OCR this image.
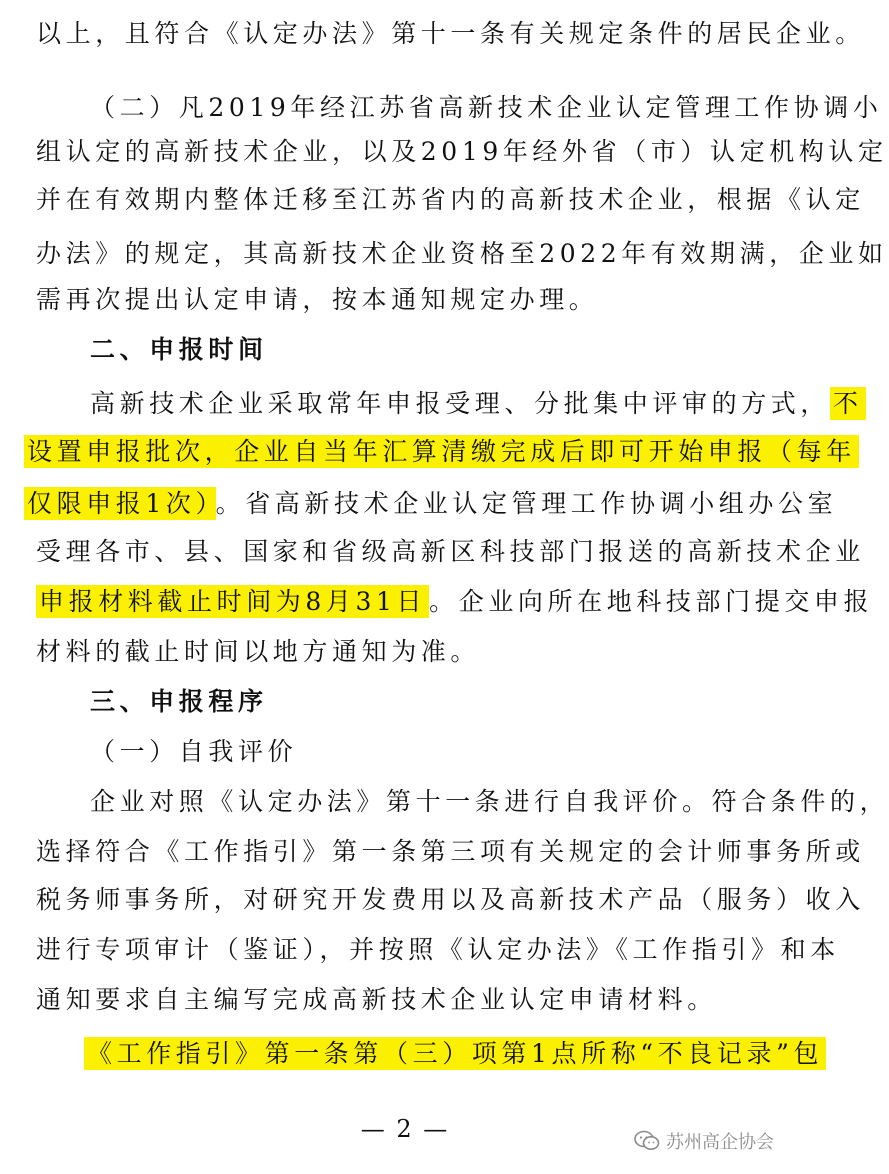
以上，且符合《认定办法》第十一条有关规定条件的居民企业。
（二）凡2019年经江苏省高新技术企业认定管理工作协调小
组认定的高新技术企业，以及2019年经外省（市）认定机构认定
并在有效期内整体迁移至江苏省内的高新技术企业，根据《认定
办法》的规定，其高新技术企业资格至2022年有效期满，企业如
需再次提出认定申请，按本通知规定办理。
二、申报时间
高新技术企业采取常年申报受理、分批集中评审的方式， 不
设置申报批次，企业自当年汇算清缴完成后即可开始申报（每年
仅限申报1次） 。省高新技术企业认定管理工作协调小组办公室
受理各市、县、国家和省级高新区科技部门报送的高新技术企业
申报材料截止时间为8月31日 。企业向所在地科技部门提交申报
材料的截止时间以地方通知为准。
三、申报程序
（一）自我评价
企业对照《认定办法》第十一条进行自我评价。符合条件的，
选择符合《工作指引》第一条第三项有关规定的会计师事务所或
税务师事务所，对研究开发费用以及高新技术产品（服务）收入
进行专项审计（鉴证），并按照《认定办法》《工作指引》和本
通知要求自主编写完成高新技术企业认定申请材料。
《工作指引》第一条第（三）项第1点所称“不良记录”包
— 2 —	苏州高企协会
